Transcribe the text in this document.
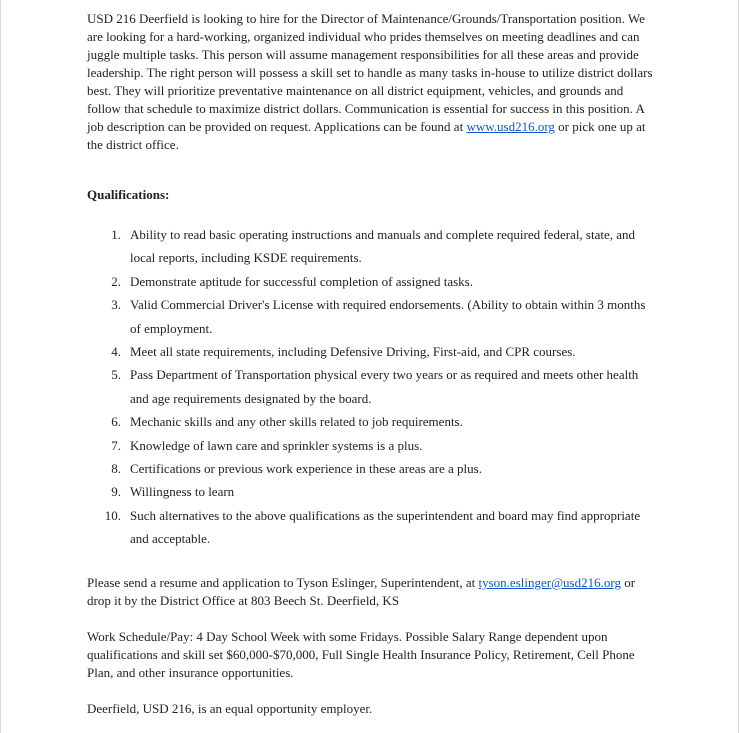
USD 216 Deerfield is looking to hire for the Director of Maintenance/Grounds/Transportation position. We are looking for a hard-working, organized individual who prides themselves on meeting deadlines and can juggle multiple tasks. This person will assume management responsibilities for all these areas and provide leadership. The right person will possess a skill set to handle as many tasks in-house to utilize district dollars best. They will prioritize preventative maintenance on all district equipment, vehicles, and grounds and follow that schedule to maximize district dollars. Communication is essential for success in this position. A job description can be provided on request. Applications can be found at www.usd216.org or pick one up at the district office.

Qualifications:

1. Ability to read basic operating instructions and manuals and complete required federal, state, and local reports, including KSDE requirements.
2. Demonstrate aptitude for successful completion of assigned tasks.
3. Valid Commercial Driver's License with required endorsements. (Ability to obtain within 3 months of employment.
4. Meet all state requirements, including Defensive Driving, First-aid, and CPR courses.
5. Pass Department of Transportation physical every two years or as required and meets other health and age requirements designated by the board.
6. Mechanic skills and any other skills related to job requirements.
7. Knowledge of lawn care and sprinkler systems is a plus.
8. Certifications or previous work experience in these areas are a plus.
9. Willingness to learn
10. Such alternatives to the above qualifications as the superintendent and board may find appropriate and acceptable.

Please send a resume and application to Tyson Eslinger, Superintendent, at tyson.eslinger@usd216.org or drop it by the District Office at 803 Beech St. Deerfield, KS

Work Schedule/Pay: 4 Day School Week with some Fridays. Possible Salary Range dependent upon qualifications and skill set $60,000-$70,000, Full Single Health Insurance Policy, Retirement, Cell Phone Plan, and other insurance opportunities.

Deerfield, USD 216, is an equal opportunity employer.
